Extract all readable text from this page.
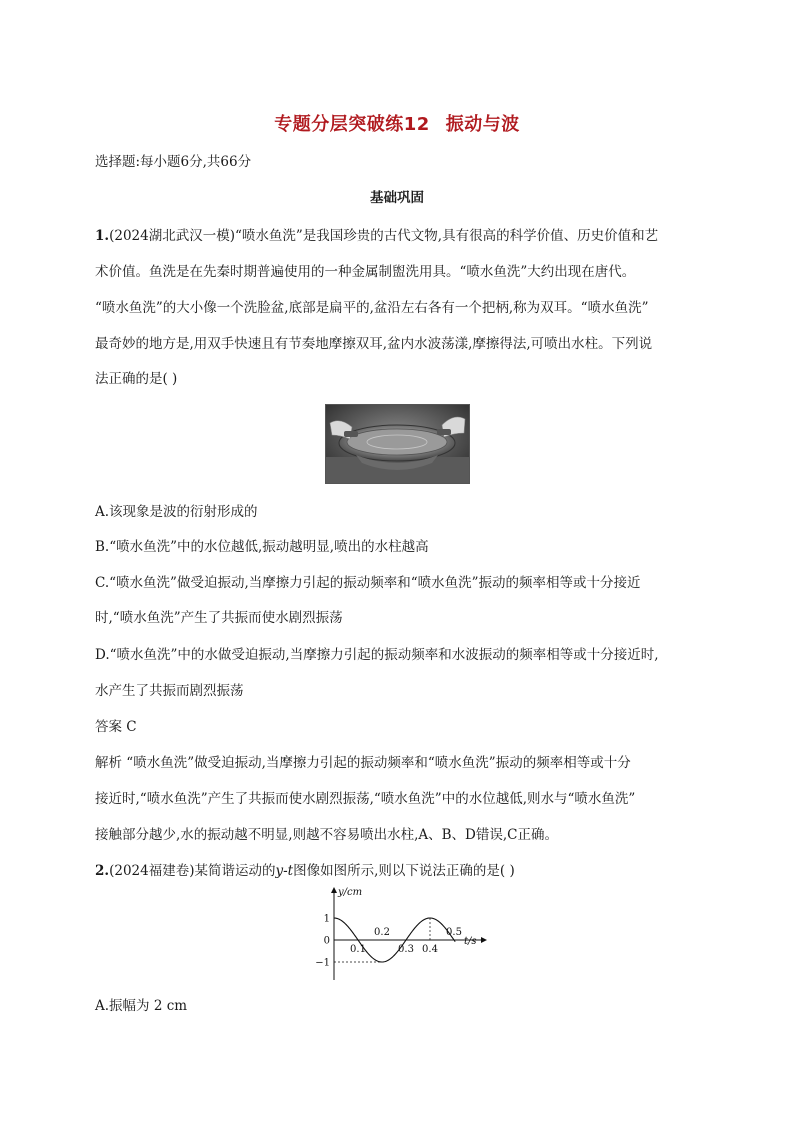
专题分层突破练12 振动与波
选择题:每小题6分,共66分
基础巩固
1.(2024湖北武汉一模)“喷水鱼洗”是我国珍贵的古代文物,具有很高的科学价值、历史价值和艺
术价值。鱼洗是在先秦时期普遍使用的一种金属制盥洗用具。“喷水鱼洗”大约出现在唐代。
“喷水鱼洗”的大小像一个洗脸盆,底部是扁平的,盆沿左右各有一个把柄,称为双耳。“喷水鱼洗”
最奇妙的地方是,用双手快速且有节奏地摩擦双耳,盆内水波荡漾,摩擦得法,可喷出水柱。下列说
法正确的是( )
A.该现象是波的衍射形成的
B.“喷水鱼洗”中的水位越低,振动越明显,喷出的水柱越高
C.“喷水鱼洗”做受迫振动,当摩擦力引起的振动频率和“喷水鱼洗”振动的频率相等或十分接近
时,“喷水鱼洗”产生了共振而使水剧烈振荡
D.“喷水鱼洗”中的水做受迫振动,当摩擦力引起的振动频率和水波振动的频率相等或十分接近时,
水产生了共振而剧烈振荡
答案 C
解析 “喷水鱼洗”做受迫振动,当摩擦力引起的振动频率和“喷水鱼洗”振动的频率相等或十分
接近时,“喷水鱼洗”产生了共振而使水剧烈振荡,“喷水鱼洗”中的水位越低,则水与“喷水鱼洗”
接触部分越少,水的振动越不明显,则越不容易喷出水柱,A、B、D错误,C正确。
2.(2024福建卷)某简谐运动的y-t图像如图所示,则以下说法正确的是( )
y/cm
t/s
1
0
−1
0.1
0.2
0.3 0.4
0.5
A.振幅为 2 cm
